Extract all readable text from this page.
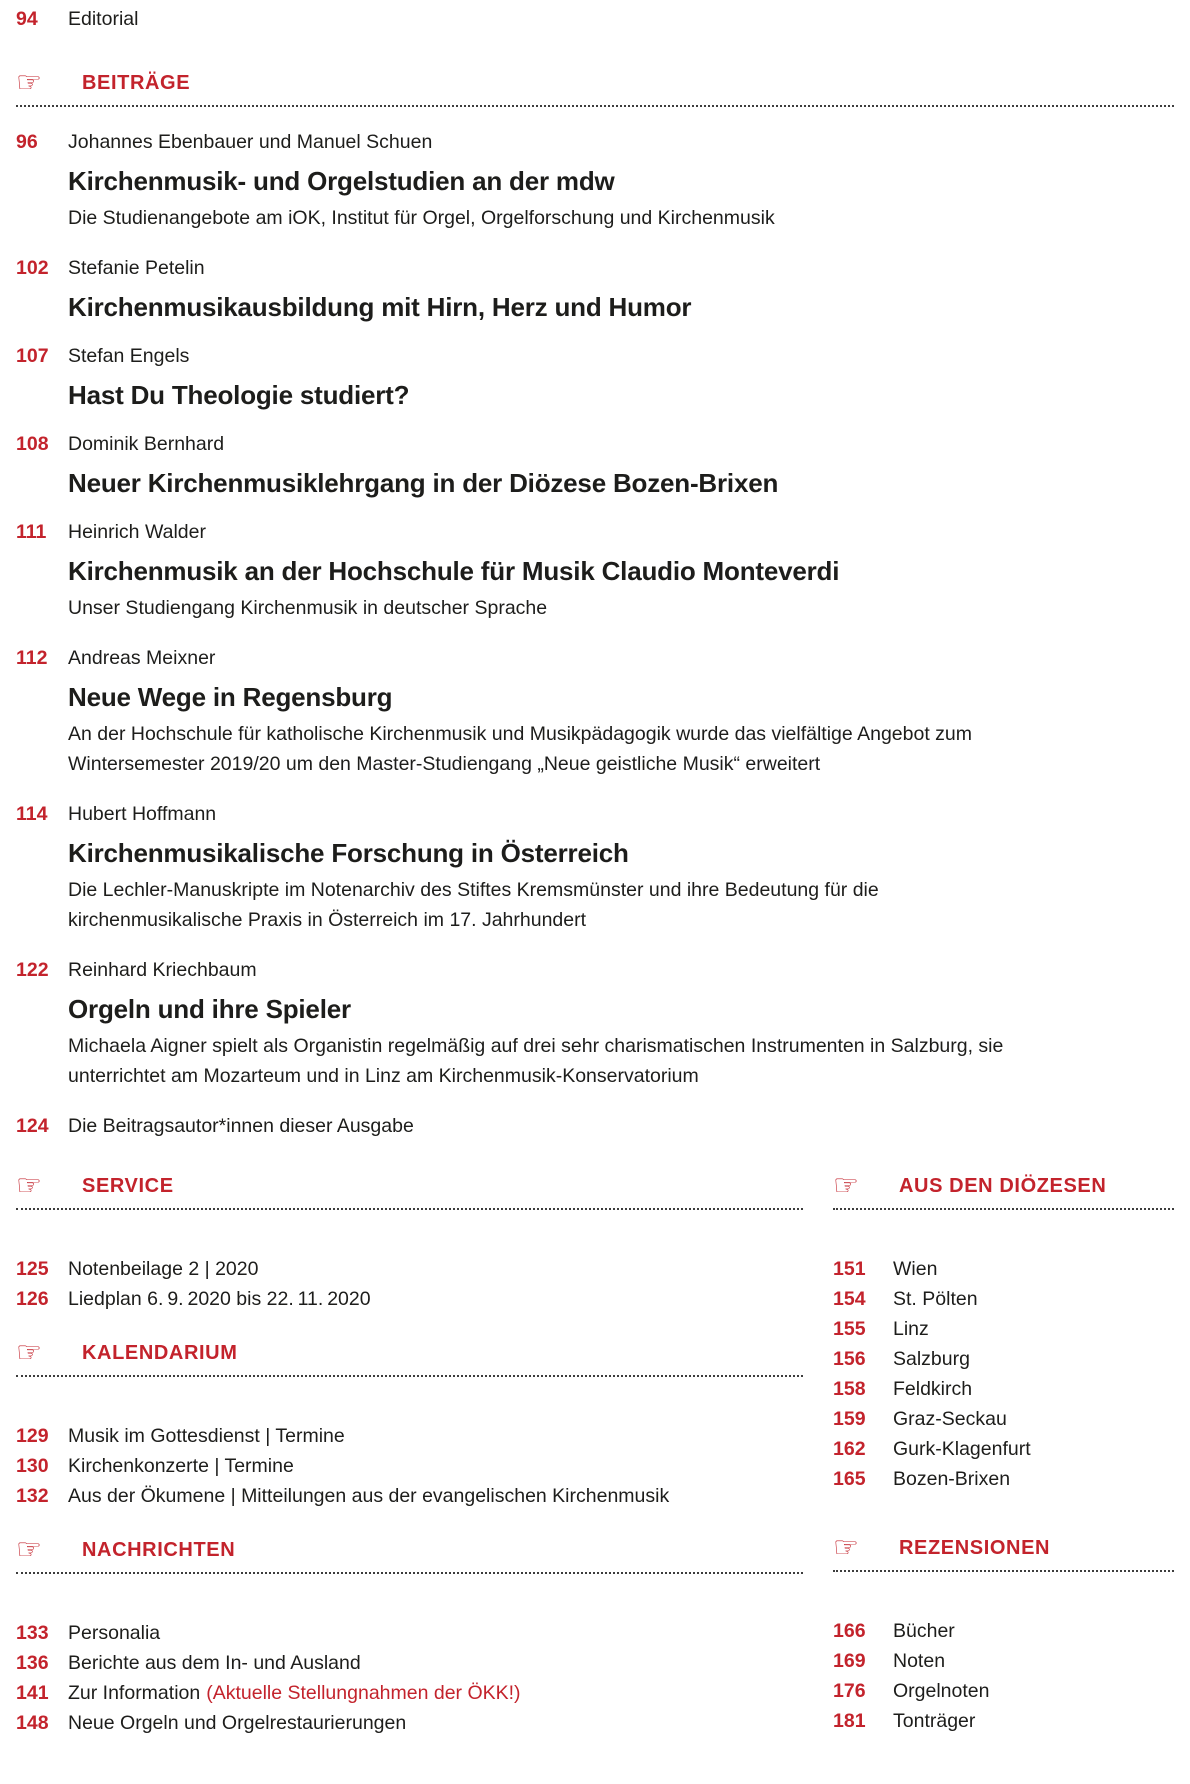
94	Editorial
☞	BEITRÄGE
96	Johannes Ebenbauer und Manuel Schuen
Kirchenmusik- und Orgelstudien an der mdw
Die Studienangebote am iOK, Institut für Orgel, Orgelforschung und Kirchenmusik
102 Stefanie Petelin
Kirchenmusikausbildung mit Hirn, Herz und Humor
107 Stefan Engels
Hast Du Theologie studiert?
108 Dominik Bernhard
Neuer Kirchenmusiklehrgang in der Diözese Bozen-Brixen
111	Heinrich Walder
Kirchenmusik an der Hochschule für Musik Claudio Monteverdi
Unser Studiengang Kirchenmusik in deutscher Sprache
112	Andreas Meixner
Neue Wege in Regensburg
An der Hochschule für katholische Kirchenmusik und Musikpädagogik wurde das vielfältige Angebot zum Wintersemester 2019/20 um den Master-Studiengang „Neue geistliche Musik“ erweitert
114	Hubert Hoffmann
Kirchenmusikalische Forschung in Österreich
Die Lechler-Manuskripte im Notenarchiv des Stiftes Kremsmünster und ihre Bedeutung für die kirchenmusikalische Praxis in Österreich im 17. Jahrhundert
122 Reinhard Kriechbaum
Orgeln und ihre Spieler
Michaela Aigner spielt als Organistin regelmäßig auf drei sehr charismatischen Instrumenten in Salzburg, sie unterrichtet am Mozarteum und in Linz am Kirchenmusik-Konservatorium
124 Die Beitragsautor*innen dieser Ausgabe
☞	SERVICE
125 Notenbeilage 2 | 2020
126 Liedplan 6. 9. 2020 bis 22. 11. 2020
☞	KALENDARIUM
129 Musik im Gottesdienst | Termine
130 Kirchenkonzerte | Termine
132 Aus der Ökumene | Mitteilungen aus der evangelischen Kirchenmusik
☞	NACHRICHTEN
133 Personalia
136 Berichte aus dem In- und Ausland
141 Zur Information (Aktuelle Stellungnahmen der ÖKK!)
148 Neue Orgeln und Orgelrestaurierungen
☞	AUS DEN DIÖZESEN
151	Wien
154	St. Pölten
155	Linz
156	Salzburg
158	Feldkirch
159	Graz-Seckau
162	Gurk-Klagenfurt
165	Bozen-Brixen
☞	REZENSIONEN
166	Bücher
169	Noten
176	Orgelnoten
181	Tonträger
